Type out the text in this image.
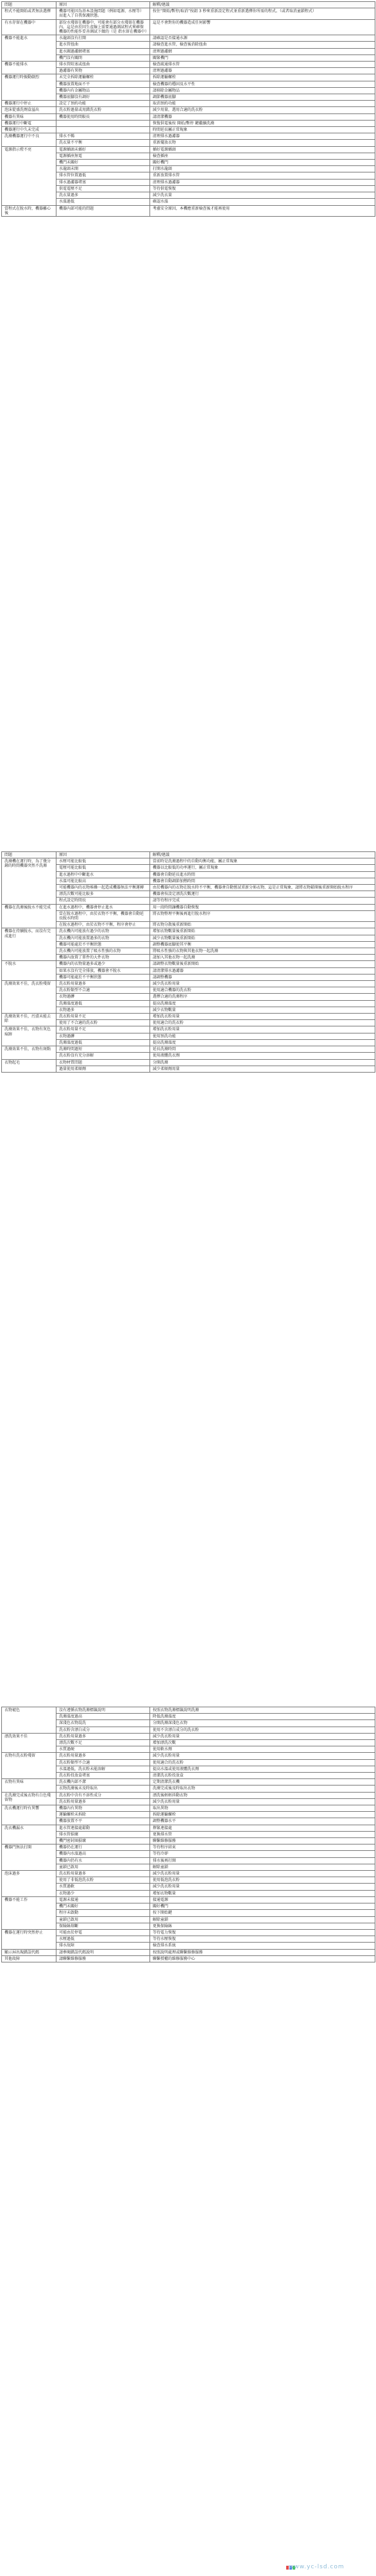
問題	原因	解釋/建議
程式不能開始或者無法選擇	機器可能因為基本設施問題（例如電源、水壓等）而進入了自我保護狀態。	按住“開始/暫停/取消”按鈕 3 秒來重新設定程式並重新選擇你所需的程式。（或者取消童鎖程式）
有水存留在機器中	部份水殘留在機器中，可能會有部分水殘留在機器內，這是由於因生產線上需要通過測試程式來確保機器的性能作妥善測試下做的（是 指水留在機器中）	這是不會對你的機器造成任何影響
機器不能進水	水龍頭沒有打開	請確認是否接通水源
	進水管扭曲	請檢查進水管，檢查後消除扭曲
	進水閥過濾網堵塞	清理過濾網
	機門沒有關閉	關緊機門
機器不能排水	排水管阻塞或扭曲	檢查疏通排水管
	過濾器有異物	清理過濾器
機器運行時振動劇烈	未完全拆除運輸螺栓	拆除運輸螺栓
	機器放置地面不平	檢查機器的穩固及水平性
	機器內有金屬物品	請移除金屬物品
	機器底腳沒有調好	調節機器底腳
機器運行中停止	設定了預約功能	取消預約功能
泡沫從盛洗劑盒溢出	洗衣粉過量或用錯洗衣粉	減少用量，選用合適的洗衣粉
機器有異味	機器使用時間較長	請清潔機器
機器運行中斷電		恢復供電後按 開始/暫停 鍵繼續洗滌
機器運行中久未完成		時間延長屬正常現象
洗滌機器運行中不良	排水不暢	清理排水過濾器
	洗衣量不平衡	重新擺放衣物
電源指示燈不亮	電源插頭未插好	插好電源插頭
	電源插座無電	檢查插座
	機門未關好	關好機門
	水龍頭未開	打開水龍頭
	排水管位置過低	重新放置排水管
	排水過濾器堵塞	清理排水過濾器
	供電電壓不足	等待供電恢復
	洗衣量過多	減少洗衣量
	水溫過低	確認水溫
當程式在脫水時，機器離心後	機器內部可能的問題	考慮安全原因，本機應重新檢查後才能再使用
問題	原因	解釋/建議
洗滌機在運行時，為了幾分鐘的時間機器突然不洗滌	水壓可能比較低	當前時是洗滌過程中的自動均衡功能，屬正常現象
	電壓可能比較低	機器以比較低的功率運行，屬正常現象
	進水過程中中斷進水	機器會自動延長進水時間
	水溫可能比較高	機器會自動調節加熱時間
	可能機器內的衣物堆疊一起造成機器無法平衡運轉	由於機器內的衣物在脫水時不平衡，機器會自動嘗試重新分佈衣物，這是正常現象，請將衣物鬆開後重新開始脫水程序
	漂洗次數可能比較多	機器會按設定漂洗次數運行
	程式設定時間長	請等待程序完成
機器在洗滌後脫水不能完成	在進水過程中，機器會停止進水	用一段時間讓機器自動恢復
	當在脫水過程中，由於衣物不平衡，機器會自動延長脫水時間	將衣物整理平衡後再進行脫水程序
	在脫水過程中，由於衣物不平衡，程序會停止	將衣物分散後重新開始
機器在持續脫水，而沒有完成進行	洗衣機內可能放有過少的衣物	增加衣物數量後重新開始
	洗衣機內可能放置過多的衣物	減少衣物數量後重新開始
	機器可能處於不平衡狀態	調整機器底腳使其平衡
	洗衣機內可能放置了吸水性強的衣物	將吸水性強的衣物與其他衣物一起洗滌
	機器內放置了單件的大件衣物	請加入其他衣物一起洗滌
不脫水	機器內的衣物量過多或過少	請調整衣物數量後重新開始
	如果水沒有完全排放，機器會不脫水	請清潔排水過濾器
	機器可能處於不平衡狀態	請調整機器
洗滌效果不佳，洗衣粉殘留	洗衣粉用量過多	減少洗衣粉用量
	洗衣粉類型不合適	使用適合機器的洗衣粉
	衣物過髒	選擇合適的洗滌程序
	洗滌溫度過低	提高洗滌溫度
	衣物過多	減少衣物數量
洗滌效果不佳，污漬未能去除	洗衣粉用量不足	增加洗衣粉用量
	使用了不合適的洗衣粉	使用適合的洗衣粉
洗滌效果不佳，衣物有灰色痕跡	洗衣粉用量不足	增加洗衣粉用量
	衣物過髒	使用預洗功能
	洗滌溫度過低	提高洗滌溫度
洗滌效果不佳，衣物有斑點	洗滌時間過短	延長洗滌時間
	洗衣粉沒有充分溶解	使用液體洗衣劑
衣物起毛	衣物材質問題	分開洗滌
	過量使用柔順劑	減少柔順劑用量
衣物褪色	沒有遵循衣物洗滌標籤說明	按照衣物洗滌標籤說明洗滌
	洗滌溫度過高	降低洗滌溫度
	深淺色衣物混洗	分開洗滌深淺色衣物
	洗衣粉含漂白成分	使用不含漂白成分的洗衣粉
漂洗效果不佳	洗衣粉用量過多	減少洗衣粉用量
	漂洗次數不足	增加漂洗次數
	水質過硬	使用軟水劑
衣物有洗衣粉殘留	洗衣粉用量過多	減少洗衣粉用量
	洗衣粉類型不合適	使用適合的洗衣粉
	水溫過低，洗衣粉未能溶解	提高水溫或使用液體洗衣劑
	洗衣粉投放盒堵塞	清潔洗衣粉投放盒
衣物有異味	洗衣機內部不潔	定期清潔洗衣機
	衣物洗滌後未及時取出	洗滌完成後及時取出衣物
在洗滌完成後衣物有白色殘留物	洗衣粉中含有不溶性成分	漂洗後輕輕抖動衣物
	洗衣粉用量過多	減少洗衣粉用量
洗衣機運行時有異響	機器內有異物	取出異物
	運輸螺栓未拆除	拆除運輸螺栓
	機器放置不平	調整機器水平
洗衣機漏水	進水管連接處鬆動	擰緊連接處
	排水管損壞	更換排水管
	機門密封圈損壞	聯繫維修服務
機器門無法打開	機器仍在運行	等待程序結束
	機器內水溫過高	等待冷卻
	機器內仍有水	排水後再打開
	童鎖已啟用	解除童鎖
泡沫過多	洗衣粉用量過多	減少洗衣粉用量
	使用了非低泡洗衣粉	使用低泡洗衣粉
	水質過軟	減少洗衣粉用量
	衣物過少	增加衣物數量
機器不能工作	電源未接通	接通電源
	機門未關好	關好機門
	程序未啟動	按下開始鍵
	童鎖已啟用	解除童鎖
	保險絲熔斷	更換保險絲
機器在運行時突然停止	可能由於停電	等待電力恢復
	水壓過低	等待水壓恢復
	排水故障	檢查排水系統
顯示屏出現錯誤代碼	請參閱錯誤代碼說明	按照說明處理或聯繫維修服務
其他故障	請聯繫維修服務	聯繫授權的維修服務中心
www.yc-lsd.com
